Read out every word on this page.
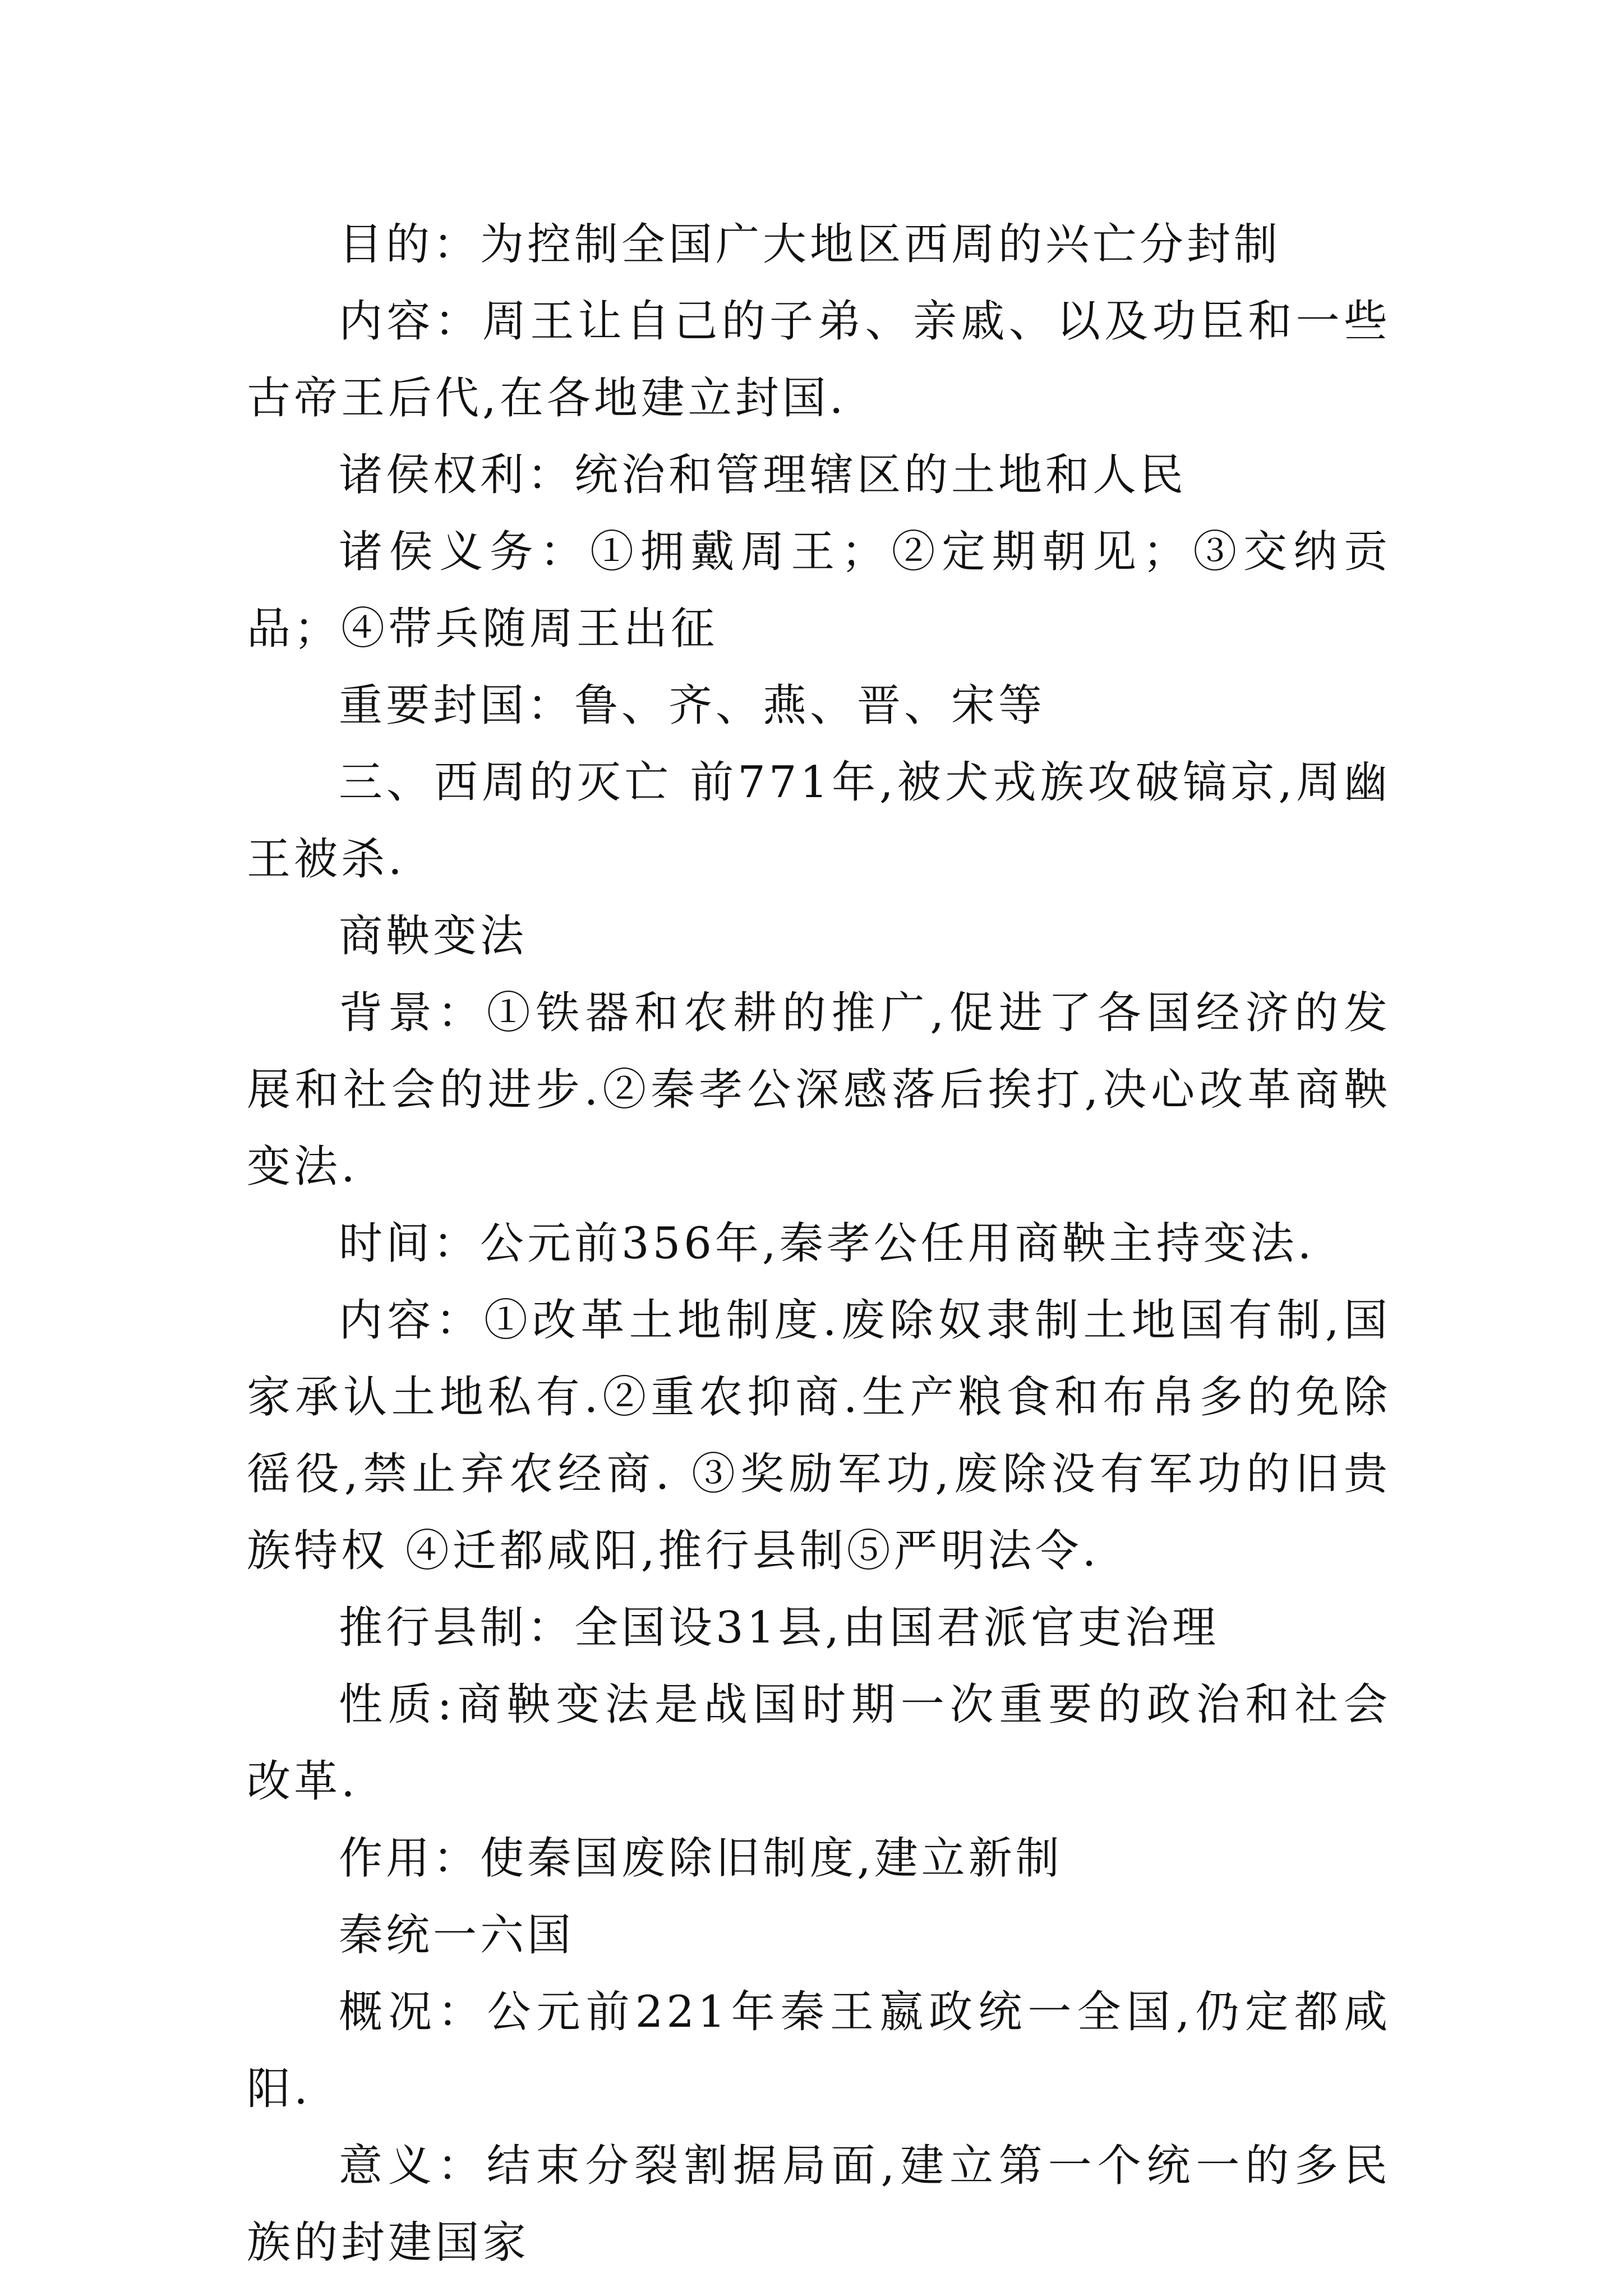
目的：为控制全国广大地区西周的兴亡分封制

内容：周王让自己的子弟、亲戚、以及功臣和一些古帝王后代,在各地建立封国.

诸侯权利：统治和管理辖区的土地和人民

诸侯义务：①拥戴周王；②定期朝见；③交纳贡品；④带兵随周王出征

重要封国：鲁、齐、燕、晋、宋等

三、西周的灭亡 前771年,被犬戎族攻破镐京,周幽王被杀.

商鞅变法

背景：①铁器和农耕的推广,促进了各国经济的发展和社会的进步.②秦孝公深感落后挨打,决心改革商鞅变法.

时间：公元前356年,秦孝公任用商鞅主持变法.

内容：①改革土地制度.废除奴隶制土地国有制,国家承认土地私有.②重农抑商.生产粮食和布帛多的免除徭役,禁止弃农经商. ③奖励军功,废除没有军功的旧贵族特权 ④迁都咸阳,推行县制⑤严明法令.

推行县制：全国设31县,由国君派官吏治理

性质:商鞅变法是战国时期一次重要的政治和社会改革.

作用：使秦国废除旧制度,建立新制

秦统一六国

概况：公元前221年秦王嬴政统一全国,仍定都咸阳.

意义：结束分裂割据局面,建立第一个统一的多民族的封建国家
